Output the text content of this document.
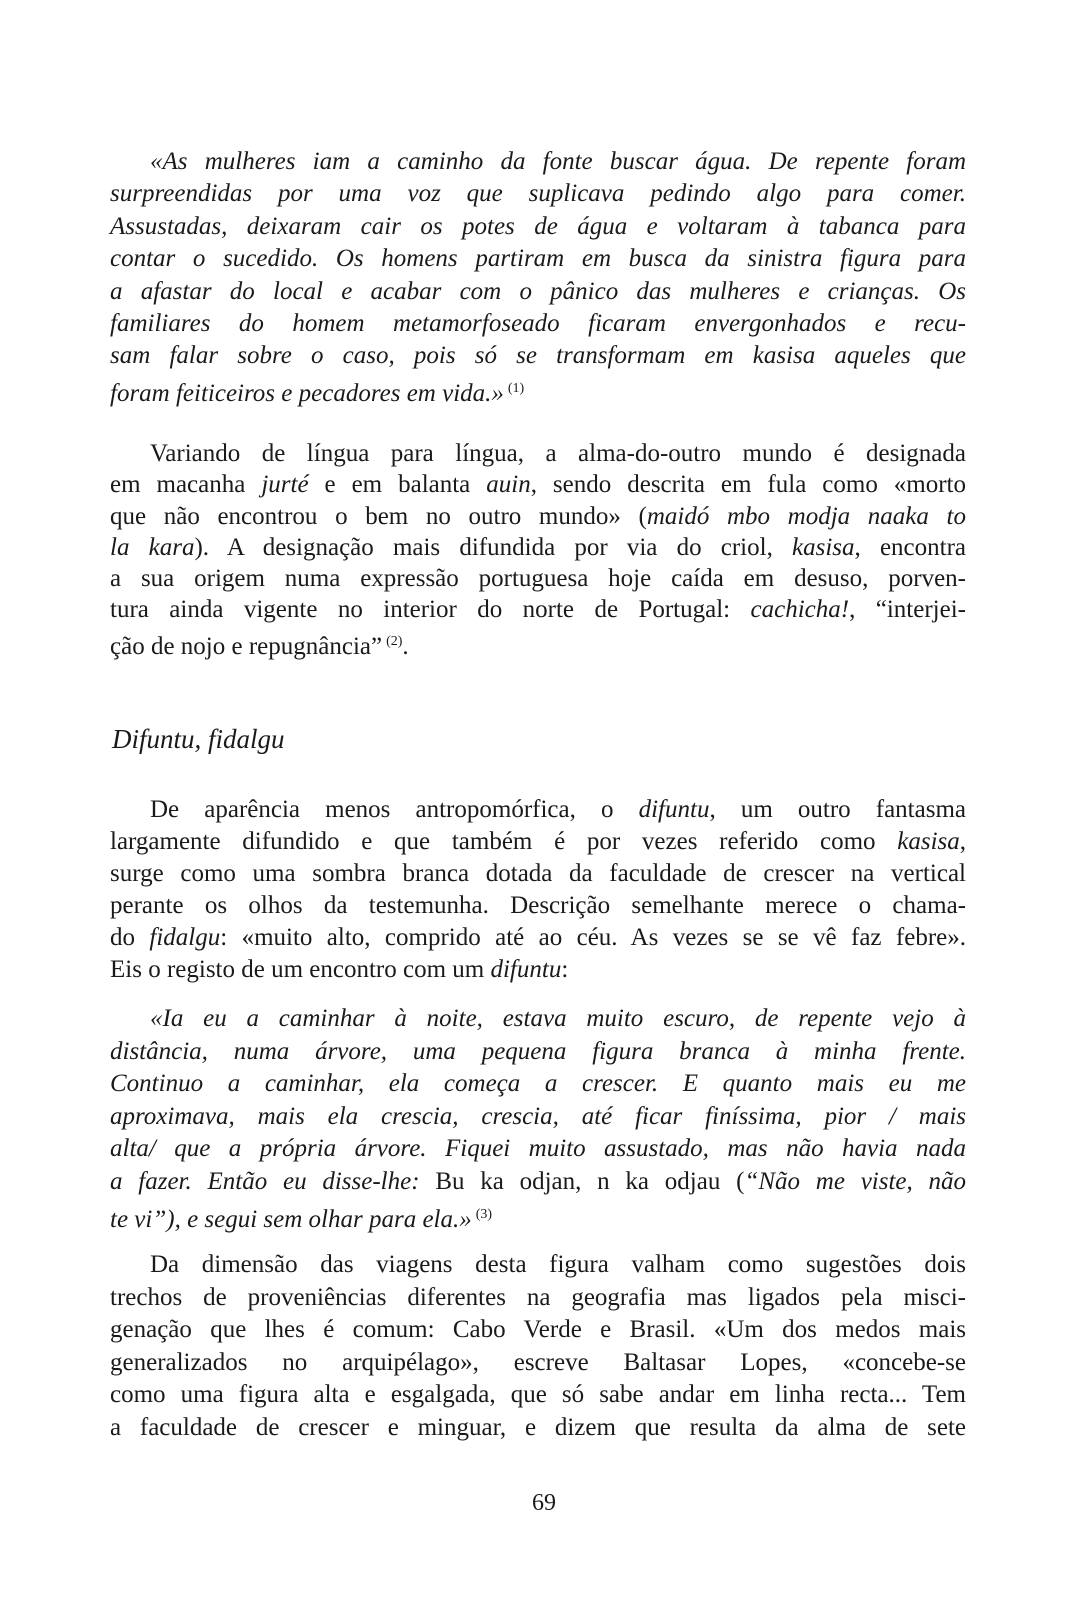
«As mulheres iam a caminho da fonte buscar água. De repente foram
surpreendidas por uma voz que suplicava pedindo algo para comer.
Assustadas, deixaram cair os potes de água e voltaram à tabanca para
contar o sucedido. Os homens partiram em busca da sinistra figura para
a afastar do local e acabar com o pânico das mulheres e crianças. Os
familiares do homem metamorfoseado ficaram envergonhados e recu-
sam falar sobre o caso, pois só se transformam em kasisa aqueles que
foram feiticeiros e pecadores em vida.» $^{(1)}$
Variando de língua para língua, a alma-do-outro mundo é designada
em macanha jurté e em balanta auin, sendo descrita em fula como «morto
que não encontrou o bem no outro mundo» (maidó mbo modja naaka to
la kara). A designação mais difundida por via do criol, kasisa, encontra
a sua origem numa expressão portuguesa hoje caída em desuso, porven-
tura ainda vigente no interior do norte de Portugal: cachicha!, “interjei-
ção de nojo e repugnância” $^{(2)}$.
Difuntu, fidalgu
De aparência menos antropomórfica, o difuntu, um outro fantasma
largamente difundido e que também é por vezes referido como kasisa,
surge como uma sombra branca dotada da faculdade de crescer na vertical
perante os olhos da testemunha. Descrição semelhante merece o chama-
do fidalgu: «muito alto, comprido até ao céu. As vezes se se vê faz febre».
Eis o registo de um encontro com um difuntu:
«Ia eu a caminhar à noite, estava muito escuro, de repente vejo à
distância, numa árvore, uma pequena figura branca à minha frente.
Continuo a caminhar, ela começa a crescer. E quanto mais eu me
aproximava, mais ela crescia, crescia, até ficar finíssima, pior / mais
alta/ que a própria árvore. Fiquei muito assustado, mas não havia nada
a fazer. Então eu disse-lhe: Bu ka odjan, n ka odjau (“Não me viste, não
te vi”), e segui sem olhar para ela.» $^{(3)}$
Da dimensão das viagens desta figura valham como sugestões dois
trechos de proveniências diferentes na geografia mas ligados pela misci-
genação que lhes é comum: Cabo Verde e Brasil. «Um dos medos mais
generalizados no arquipélago», escreve Baltasar Lopes, «concebe-se
como uma figura alta e esgalgada, que só sabe andar em linha recta... Tem
a faculdade de crescer e minguar, e dizem que resulta da alma de sete
69
